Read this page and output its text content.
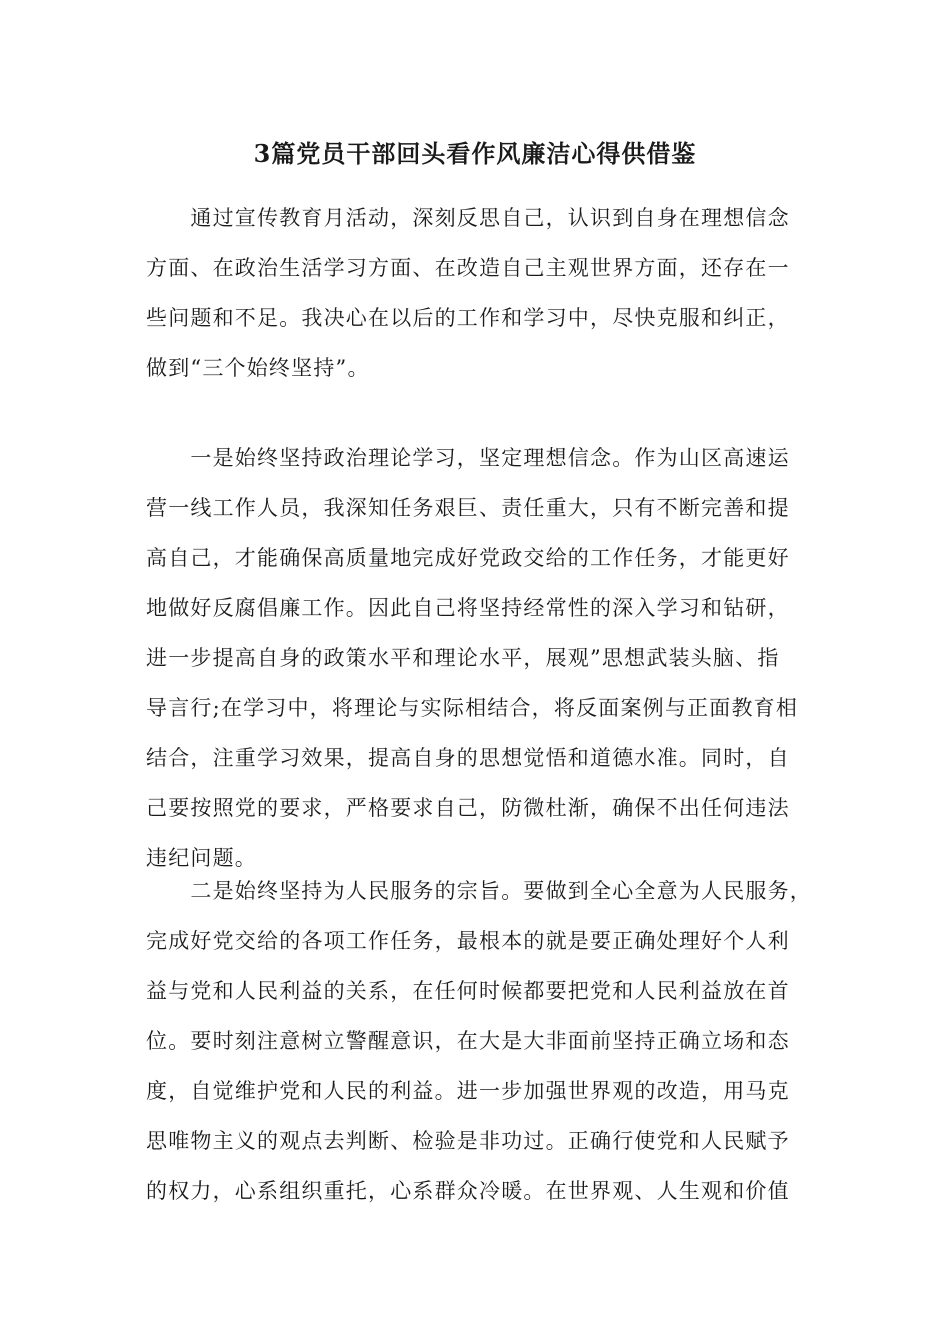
3篇党员干部回头看作风廉洁心得供借鉴
　　通过宣传教育月活动，深刻反思自己，认识到自身在理想信念
方面、在政治生活学习方面、在改造自己主观世界方面，还存在一
些问题和不足。我决心在以后的工作和学习中，尽快克服和纠正，
做到“三个始终坚持”。
　　一是始终坚持政治理论学习，坚定理想信念。作为山区高速运
营一线工作人员，我深知任务艰巨、责任重大，只有不断完善和提
高自己，才能确保高质量地完成好党政交给的工作任务，才能更好
地做好反腐倡廉工作。因此自己将坚持经常性的深入学习和钻研，
进一步提高自身的政策水平和理论水平，展观”思想武装头脑、指
导言行;在学习中，将理论与实际相结合，将反面案例与正面教育相
结合，注重学习效果，提高自身的思想觉悟和道德水准。同时，自
己要按照党的要求，严格要求自己，防微杜渐，确保不出任何违法
违纪问题。
　　二是始终坚持为人民服务的宗旨。要做到全心全意为人民服务，
完成好党交给的各项工作任务，最根本的就是要正确处理好个人利
益与党和人民利益的关系，在任何时候都要把党和人民利益放在首
位。要时刻注意树立警醒意识，在大是大非面前坚持正确立场和态
度，自觉维护党和人民的利益。进一步加强世界观的改造，用马克
思唯物主义的观点去判断、检验是非功过。正确行使党和人民赋予
的权力，心系组织重托，心系群众冷暖。在世界观、人生观和价值
